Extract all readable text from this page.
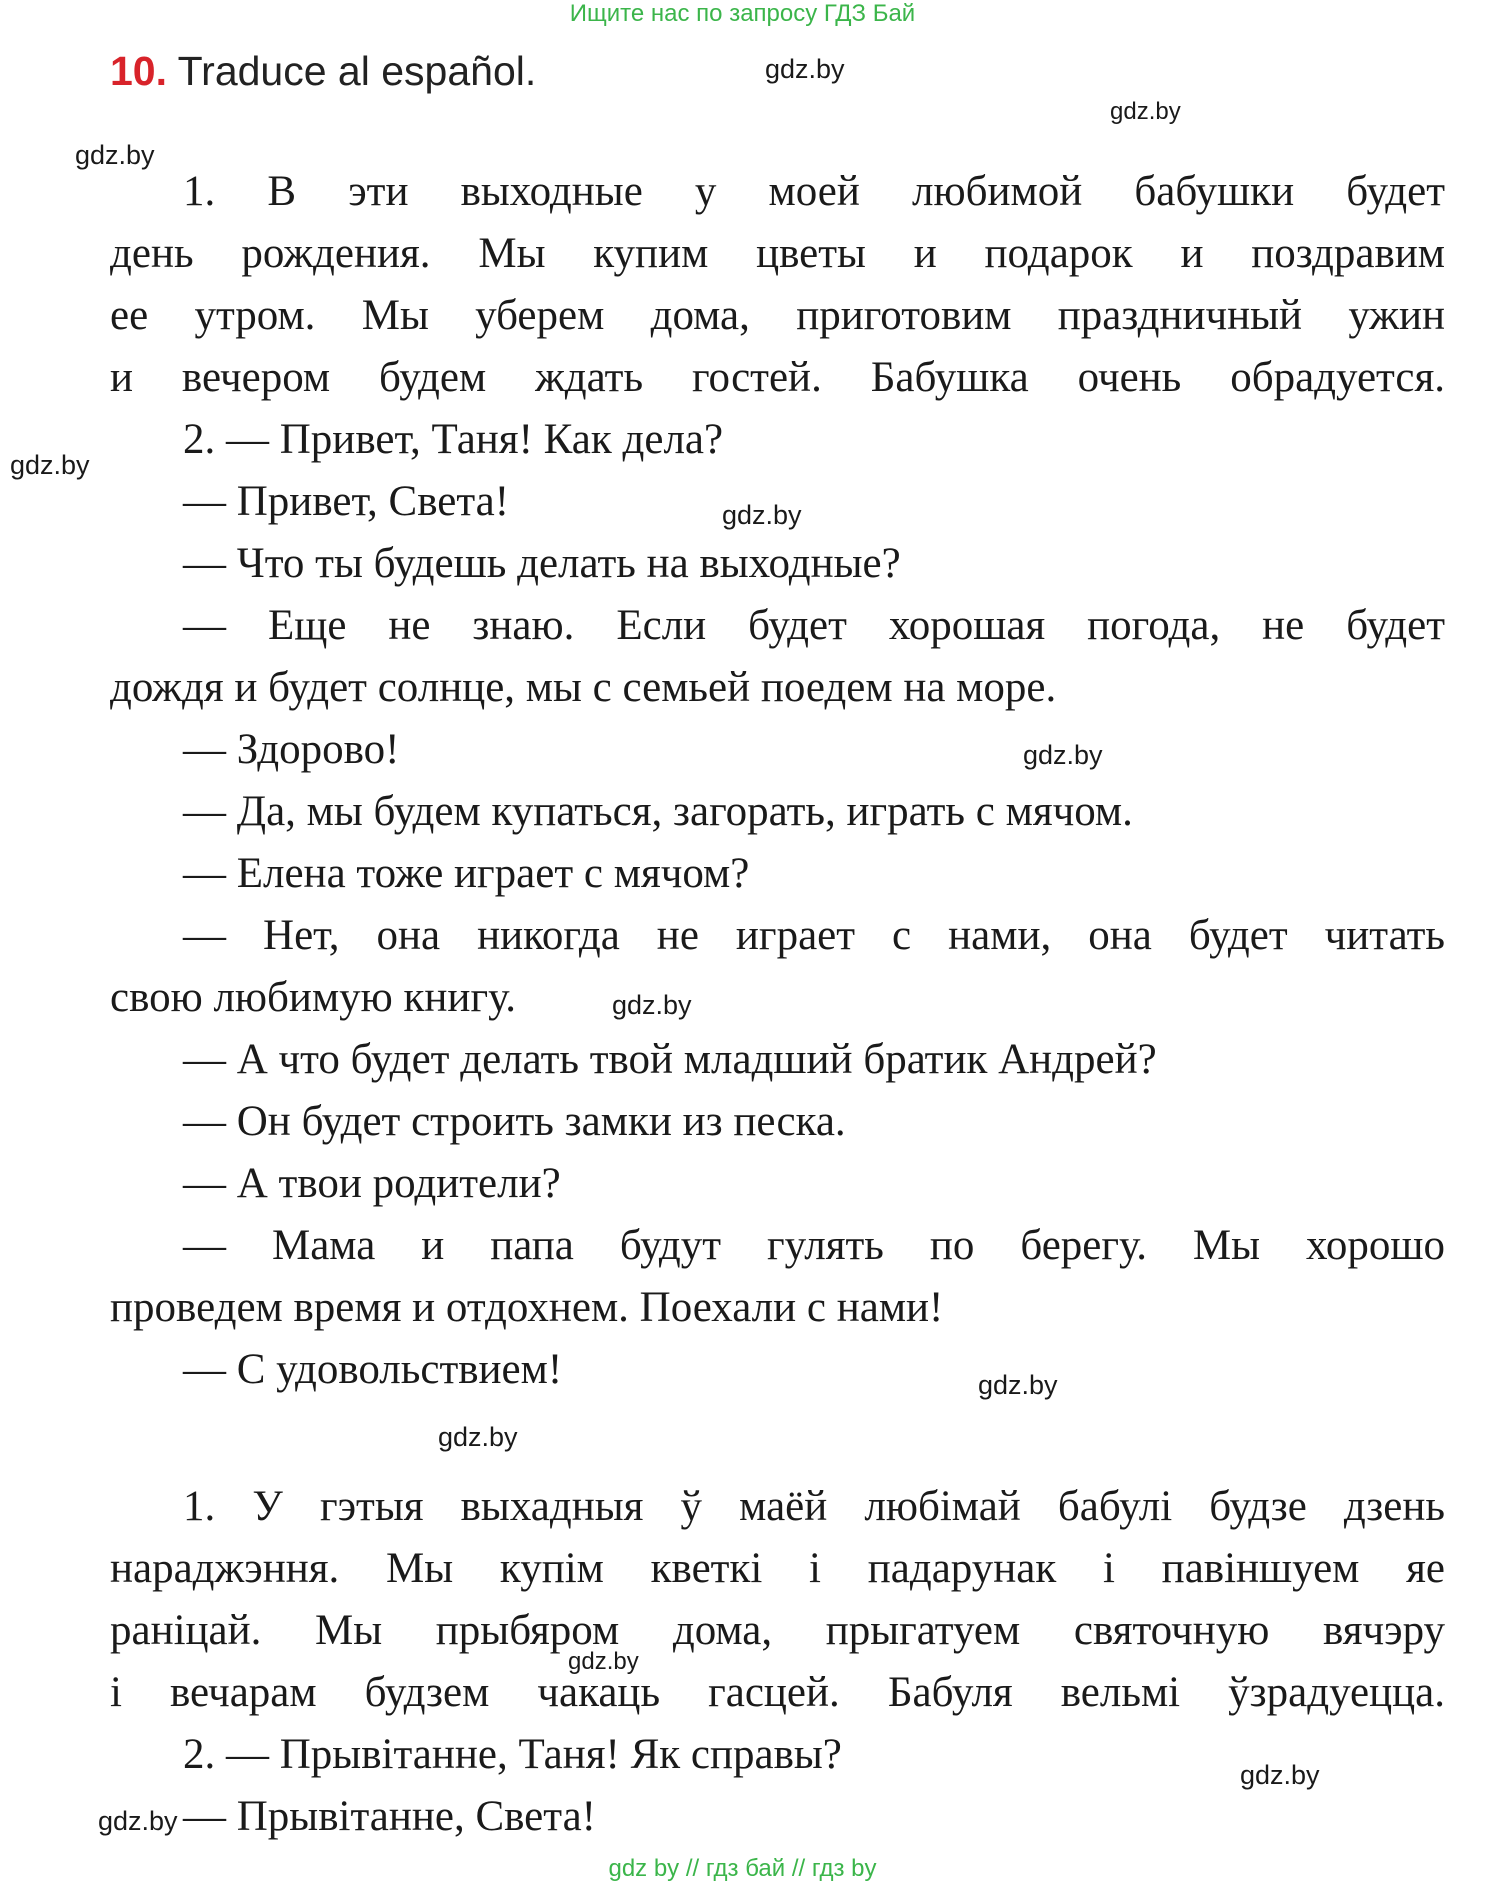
Ищите нас по запросу ГДЗ Бай
10. Traduce al español.
1. В эти выходные у моей любимой бабушки будет
день рождения. Мы купим цветы и подарок и поздравим
ее утром. Мы уберем дома, приготовим праздничный ужин
и вечером будем ждать гостей. Бабушка очень обрадуется.
2. — Привет, Таня! Как дела?
— Привет, Света!
— Что ты будешь делать на выходные?
— Еще не знаю. Если будет хорошая погода, не будет
дождя и будет солнце, мы с семьей поедем на море.
— Здорово!
— Да, мы будем купаться, загорать, играть с мячом.
— Елена тоже играет с мячом?
— Нет, она никогда не играет с нами, она будет читать
свою любимую книгу.
— А что будет делать твой младший братик Андрей?
— Он будет строить замки из песка.
— А твои родители?
— Мама и папа будут гулять по берегу. Мы хорошо
проведем время и отдохнем. Поехали с нами!
— С удовольствием!
1. У гэтыя выхадныя ў маёй любімай бабулі будзе дзень
нараджэння. Мы купім кветкі і падарунак і павіншуем яе
раніцай. Мы прыбяром дома, прыгатуем святочную вячэру
і вечарам будзем чакаць гасцей. Бабуля вельмі ўзрадуецца.
2. — Прывітанне, Таня! Як справы?
— Прывітанне, Света!
gdz.by
gdz.by
gdz.by
gdz.by
gdz.by
gdz.by
gdz.by
gdz.by
gdz.by
gdz.by
gdz.by
gdz.by
gdz by // гдз бай // гдз by
